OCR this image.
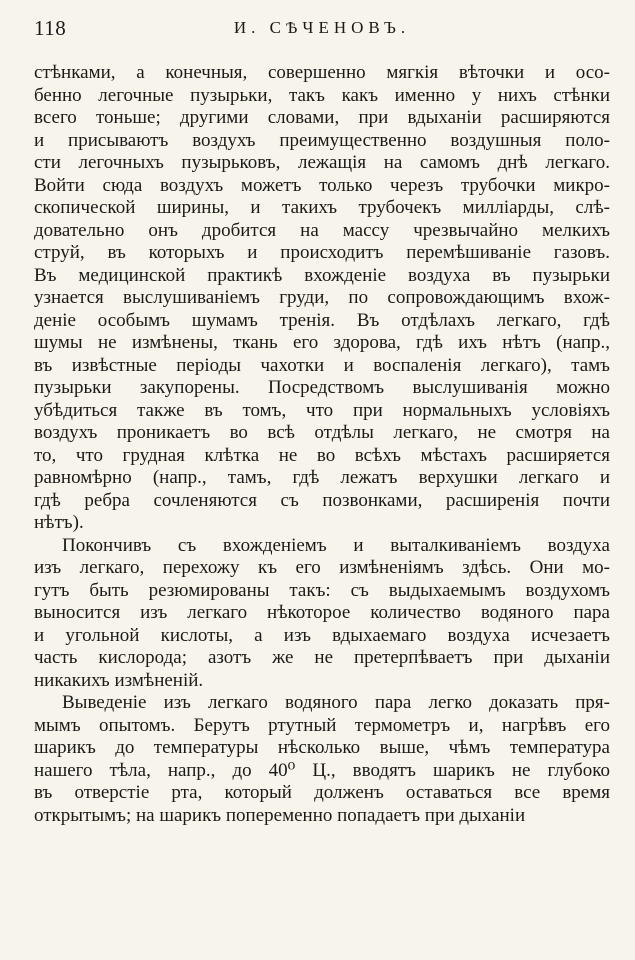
118	И. СѢЧЕНОВЪ.
стѣнками, а конечныя, совершенно мягкія вѣточки и осо-
бенно легочные пузырьки, такъ какъ именно у нихъ стѣнки
всего тоньше; другими словами, при вдыханіи расширяются
и присываютъ воздухъ преимущественно воздушныя поло-
сти легочныхъ пузырьковъ, лежащія на самомъ днѣ легкаго.
Войти сюда воздухъ можетъ только черезъ трубочки микро-
скопической ширины, и такихъ трубочекъ милліарды, слѣ-
довательно онъ дробится на массу чрезвычайно мелкихъ
струй, въ которыхъ и происходитъ перемѣшиваніе газовъ.
Въ медицинской практикѣ вхожденіе воздуха въ пузырьки
узнается выслушиваніемъ груди, по сопровождающимъ вхож-
деніе особымъ шумамъ тренія. Въ отдѣлахъ легкаго, гдѣ
шумы не измѣнены, ткань его здорова, гдѣ ихъ нѣтъ (напр.,
въ извѣстные періоды чахотки и воспаленія легкаго), тамъ
пузырьки закупорены. Посредствомъ выслушиванія можно
убѣдиться также въ томъ, что при нормальныхъ условіяхъ
воздухъ проникаетъ во всѣ отдѣлы легкаго, не смотря на
то, что грудная клѣтка не во всѣхъ мѣстахъ расширяется
равномѣрно (напр., тамъ, гдѣ лежатъ верхушки легкаго и
гдѣ ребра сочленяются съ позвонками, расширенія почти
нѣтъ).
Покончивъ съ вхожденіемъ и выталкиваніемъ воздуха
изъ легкаго, перехожу къ его измѣненіямъ здѣсь. Они мо-
гутъ быть резюмированы такъ: съ выдыхаемымъ воздухомъ
выносится изъ легкаго нѣкоторое количество водяного пара
и угольной кислоты, а изъ вдыхаемаго воздуха исчезаетъ
часть кислорода; азотъ же не претерпѣваетъ при дыханіи
никакихъ измѣненій.
Выведеніе изъ легкаго водяного пара легко доказать пря-
мымъ опытомъ. Берутъ ртутный термометръ и, нагрѣвъ его
шарикъ до температуры нѣсколько выше, чѣмъ температура
нашего тѣла, напр., до 40⁰ Ц., вводятъ шарикъ не глубоко
въ отверстіе рта, который долженъ оставаться все время
открытымъ; на шарикъ попеременно попадаетъ при дыханіи
